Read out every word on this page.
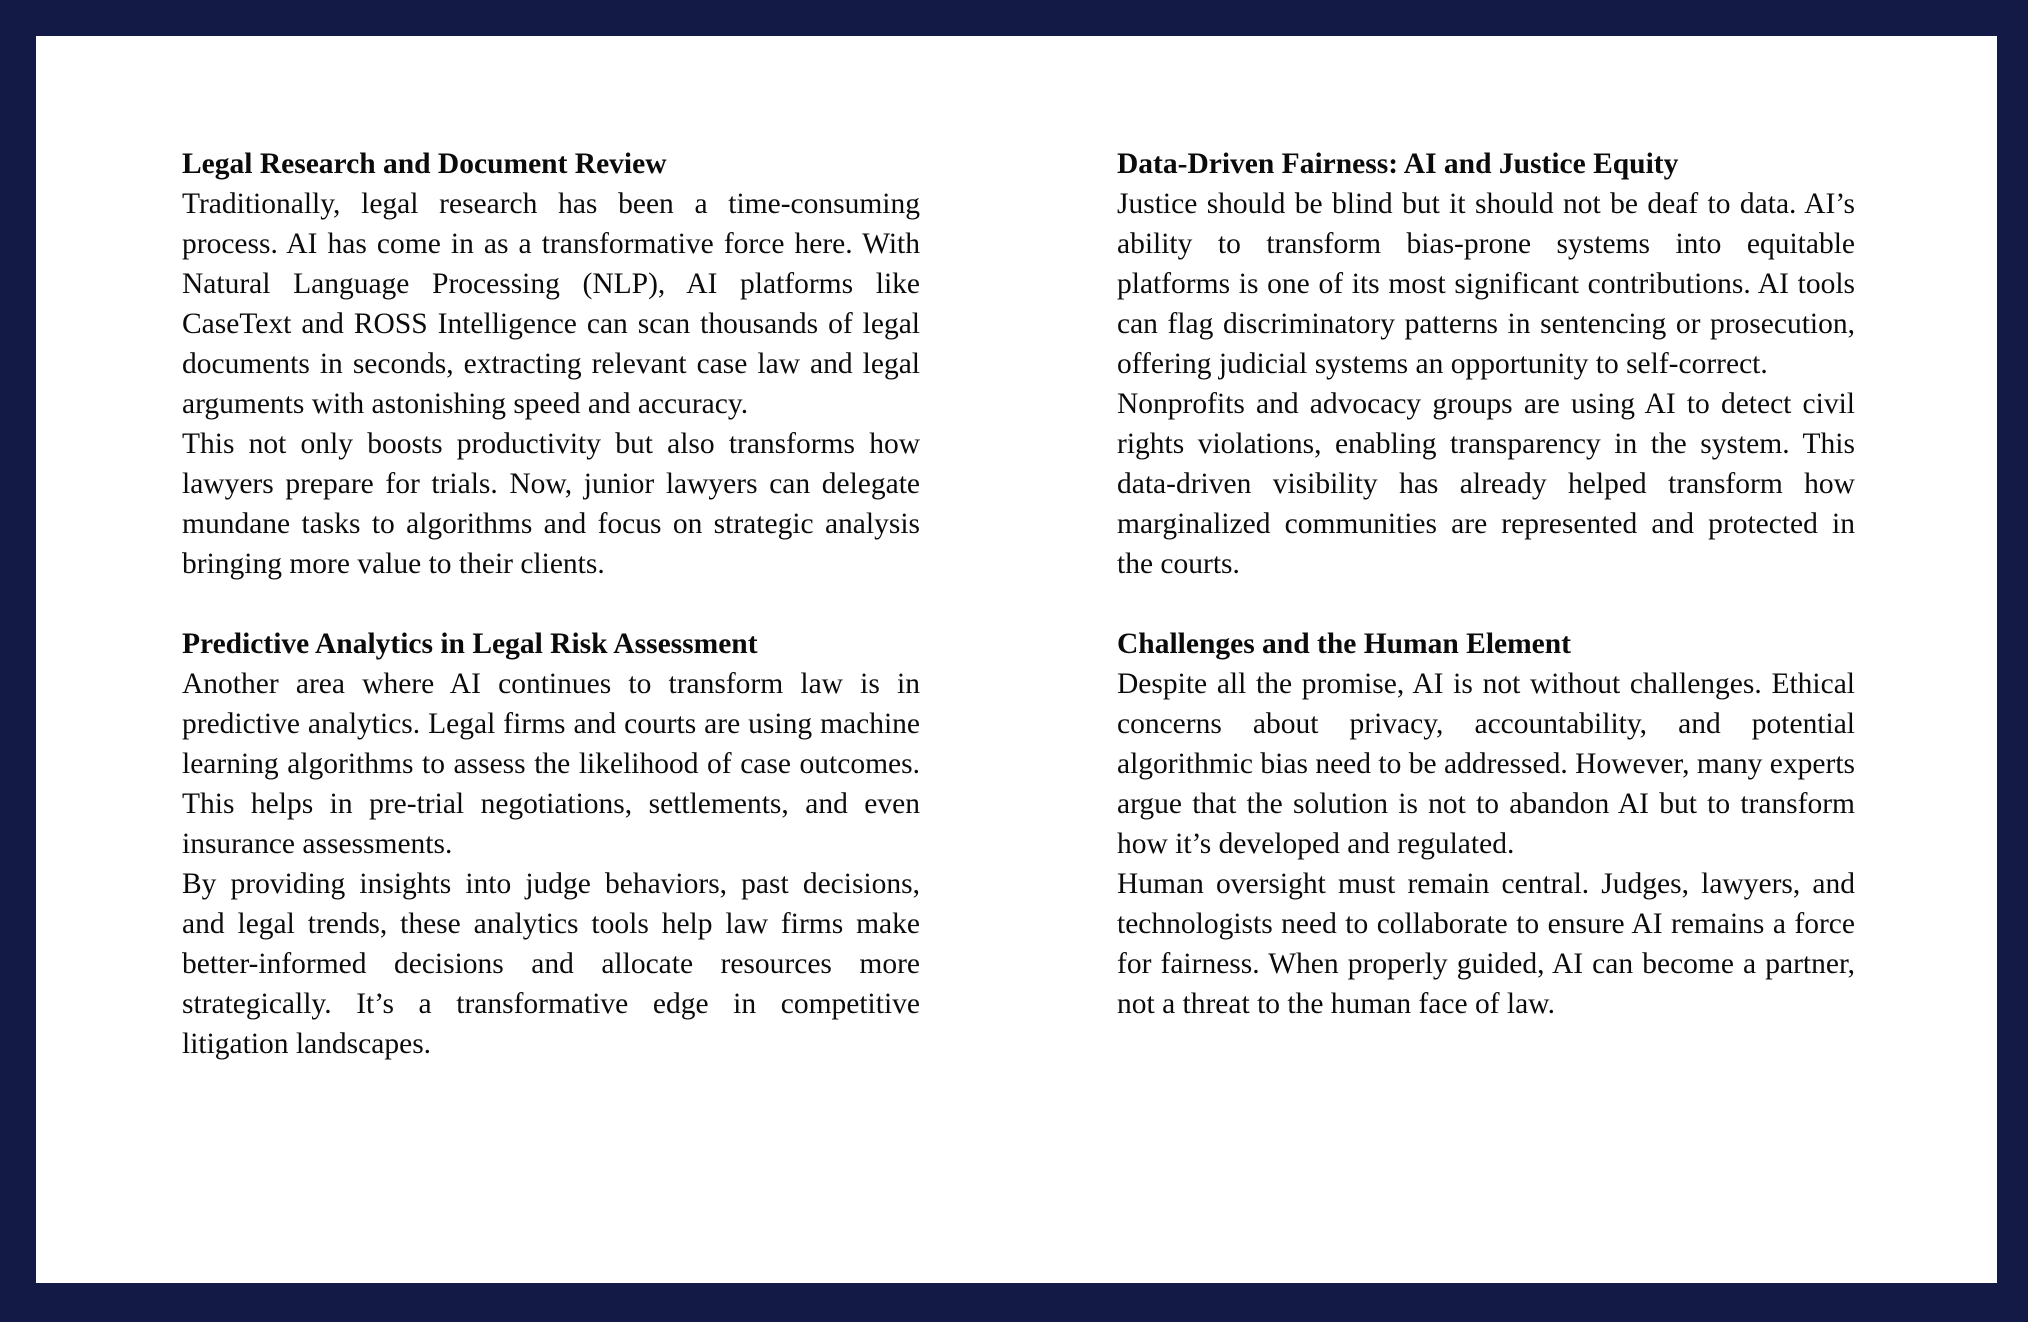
Legal Research and Document Review

Traditionally, legal research has been a time-consuming process. AI has come in as a transformative force here. With Natural Language Processing (NLP), AI platforms like CaseText and ROSS Intelligence can scan thousands of legal documents in seconds, extracting relevant case law and legal arguments with astonishing speed and accuracy.

This not only boosts productivity but also transforms how lawyers prepare for trials. Now, junior lawyers can delegate mundane tasks to algorithms and focus on strategic analysis bringing more value to their clients.

Predictive Analytics in Legal Risk Assessment

Another area where AI continues to transform law is in predictive analytics. Legal firms and courts are using machine learning algorithms to assess the likelihood of case outcomes. This helps in pre-trial negotiations, settlements, and even insurance assessments.

By providing insights into judge behaviors, past decisions, and legal trends, these analytics tools help law firms make better-informed decisions and allocate resources more strategically. It’s a transformative edge in competitive litigation landscapes.

Data-Driven Fairness: AI and Justice Equity

Justice should be blind but it should not be deaf to data. AI’s ability to transform bias-prone systems into equitable platforms is one of its most significant contributions. AI tools can flag discriminatory patterns in sentencing or prosecution, offering judicial systems an opportunity to self-correct.

Nonprofits and advocacy groups are using AI to detect civil rights violations, enabling transparency in the system. This data-driven visibility has already helped transform how marginalized communities are represented and protected in the courts.

Challenges and the Human Element

Despite all the promise, AI is not without challenges. Ethical concerns about privacy, accountability, and potential algorithmic bias need to be addressed. However, many experts argue that the solution is not to abandon AI but to transform how it’s developed and regulated.

Human oversight must remain central. Judges, lawyers, and technologists need to collaborate to ensure AI remains a force for fairness. When properly guided, AI can become a partner, not a threat to the human face of law.
